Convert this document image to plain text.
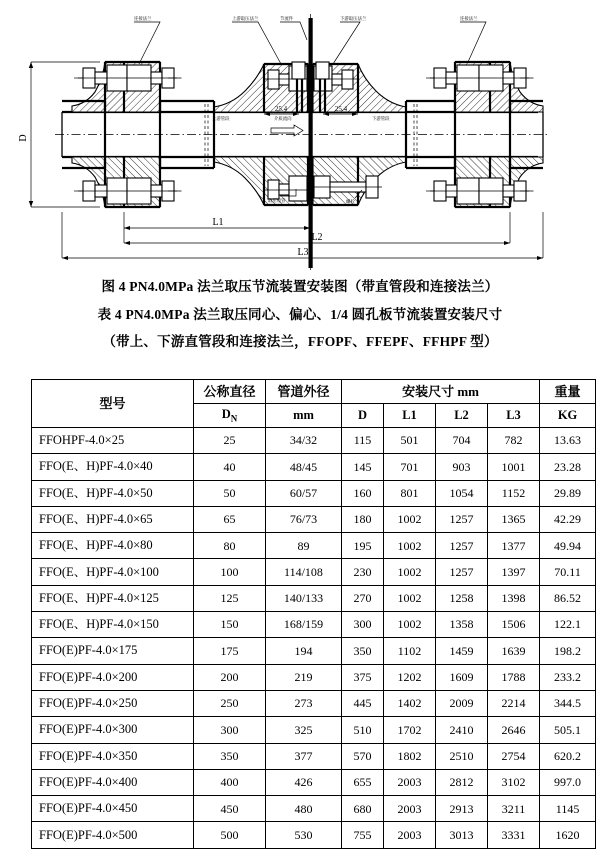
D
25.4	25.4
L1
L2
L3
连接法兰	上游取压法兰	节流件	下游取压法兰	连接法兰
上游管段	下游管段
介质流向
取压短管	螺栓
图 4 PN4.0MPa 法兰取压节流装置安装图（带直管段和连接法兰）
表 4 PN4.0MPa 法兰取压同心、偏心、1/4 圆孔板节流装置安装尺寸
（带上、下游直管段和连接法兰，FFOPF、FFEPF、FFHPF 型）
型号	公称直径	管道外径	安装尺寸 mm				重量
	$D_N$	mm	D	L1	L2	L3	KG
FFOHPF-4.0×25	25	34/32	115	501	704	782	13.63
FFO(E、H)PF-4.0×40	40	48/45	145	701	903	1001	23.28
FFO(E、H)PF-4.0×50	50	60/57	160	801	1054	1152	29.89
FFO(E、H)PF-4.0×65	65	76/73	180	1002	1257	1365	42.29
FFO(E、H)PF-4.0×80	80	89	195	1002	1257	1377	49.94
FFO(E、H)PF-4.0×100	100	114/108	230	1002	1257	1397	70.11
FFO(E、H)PF-4.0×125	125	140/133	270	1002	1258	1398	86.52
FFO(E、H)PF-4.0×150	150	168/159	300	1002	1358	1506	122.1
FFO(E)PF-4.0×175	175	194	350	1102	1459	1639	198.2
FFO(E)PF-4.0×200	200	219	375	1202	1609	1788	233.2
FFO(E)PF-4.0×250	250	273	445	1402	2009	2214	344.5
FFO(E)PF-4.0×300	300	325	510	1702	2410	2646	505.1
FFO(E)PF-4.0×350	350	377	570	1802	2510	2754	620.2
FFO(E)PF-4.0×400	400	426	655	2003	2812	3102	997.0
FFO(E)PF-4.0×450	450	480	680	2003	2913	3211	1145
FFO(E)PF-4.0×500	500	530	755	2003	3013	3331	1620
